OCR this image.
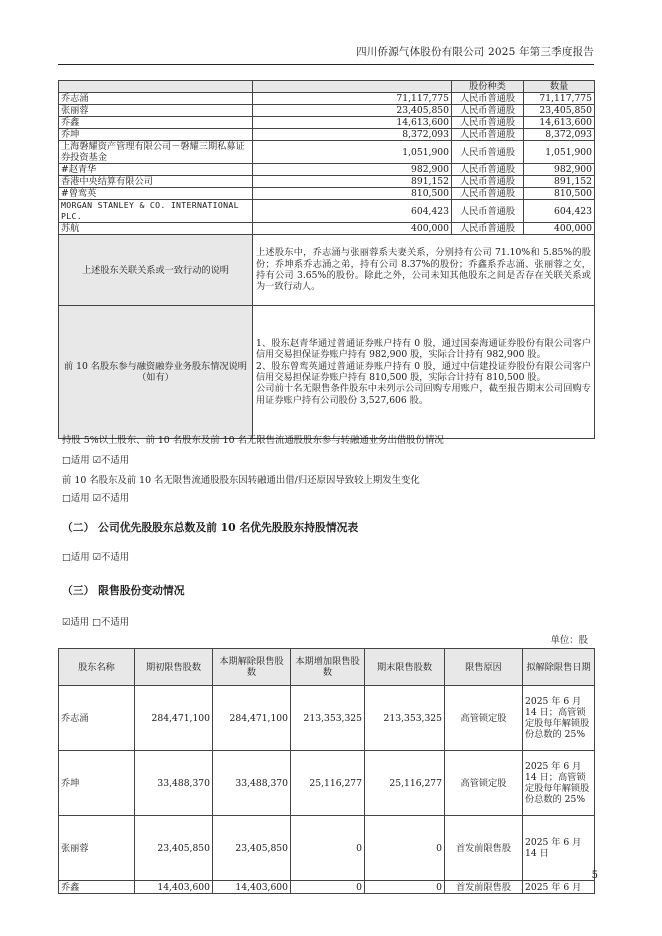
四川侨源气体股份有限公司 2025 年第三季度报告
		股份种类	数量
乔志涌	71,117,775	人民币普通股	71,117,775
张丽蓉	23,405,850	人民币普通股	23,405,850
乔鑫	14,613,600	人民币普通股	14,613,600
乔坤	8,372,093	人民币普通股	8,372,093
上海磐耀资产管理有限公司－磐耀三期私募证券投资基金	1,051,900	人民币普通股	1,051,900
#赵青华	982,900	人民币普通股	982,900
香港中央结算有限公司	891,152	人民币普通股	891,152
#曾鸾英	810,500	人民币普通股	810,500
MORGAN STANLEY & CO. INTERNATIONAL PLC.	604,423	人民币普通股	604,423
苏航	400,000	人民币普通股	400,000
上述股东关联关系或一致行动的说明	上述股东中，乔志涌与张丽蓉系夫妻关系，分别持有公司 71.10%和 5.85%的股份；乔坤系乔志涌之弟，持有公司 8.37%的股份；乔鑫系乔志涌、张丽蓉之女，持有公司 3.65%的股份。除此之外，公司未知其他股东之间是否存在关联关系或为一致行动人。		
前 10 名股东参与融资融券业务股东情况说明（如有）	1、股东赵青华通过普通证券账户持有 0 股，通过国泰海通证券股份有限公司客户信用交易担保证券账户持有 982,900 股，实际合计持有 982,900 股。
2、股东曾鸾英通过普通证券账户持有 0 股，通过中信建投证券股份有限公司客户信用交易担保证券账户持有 810,500 股，实际合计持有 810,500 股。
公司前十名无限售条件股东中未列示公司回购专用账户，截至报告期末公司回购专用证券账户持有公司股份 3,527,606 股。		
持股 5%以上股东、前 10 名股东及前 10 名无限售流通股股东参与转融通业务出借股份情况
□适用 ☑不适用
前 10 名股东及前 10 名无限售流通股股东因转融通出借/归还原因导致较上期发生变化
□适用 ☑不适用
（二） 公司优先股股东总数及前 10 名优先股股东持股情况表
□适用 ☑不适用
（三） 限售股份变动情况
☑适用 □不适用
单位：股
股东名称	期初限售股数	本期解除限售股数	本期增加限售股数	期末限售股数	限售原因	拟解除限售日期
乔志涌	284,471,100	284,471,100	213,353,325	213,353,325	高管锁定股	2025 年 6 月 14 日；高管锁定股每年解锁股份总数的 25%
乔坤	33,488,370	33,488,370	25,116,277	25,116,277	高管锁定股	2025 年 6 月 14 日；高管锁定股每年解锁股份总数的 25%
张丽蓉	23,405,850	23,405,850	0	0	首发前限售股	2025 年 6 月 14 日
乔鑫	14,403,600	14,403,600	0	0	首发前限售股	2025 年 6 月
5
